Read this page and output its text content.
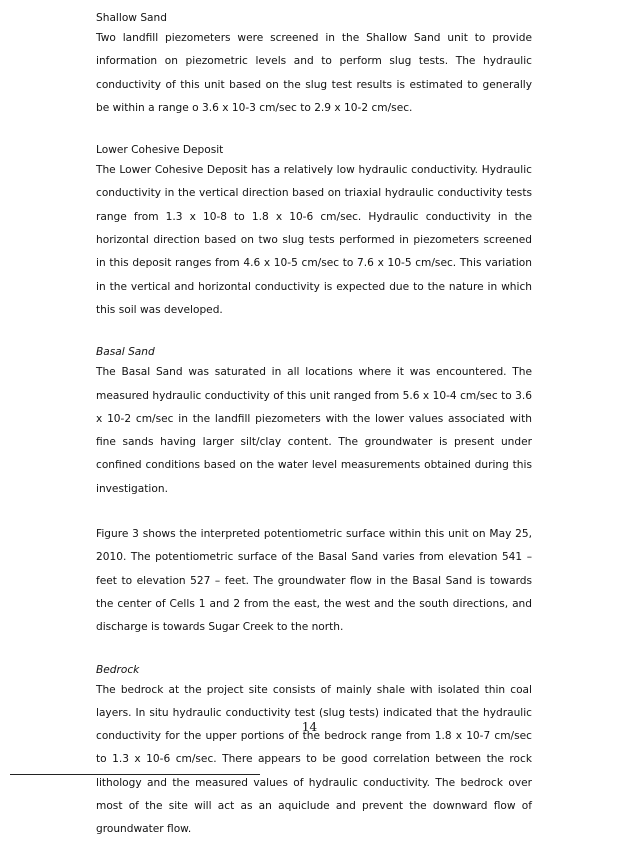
Shallow Sand

Two landfill piezometers were screened in the Shallow Sand unit to provide information on piezometric levels and to perform slug tests. The hydraulic conductivity of this unit based on the slug test results is estimated to generally be within a range o 3.6 x 10-3 cm/sec to 2.9 x 10-2 cm/sec.

Lower Cohesive Deposit

The Lower Cohesive Deposit has a relatively low hydraulic conductivity. Hydraulic conductivity in the vertical direction based on triaxial hydraulic conductivity tests range from 1.3 x 10-8 to 1.8 x 10-6 cm/sec. Hydraulic conductivity in the horizontal direction based on two slug tests performed in piezometers screened in this deposit ranges from 4.6 x 10-5 cm/sec to 7.6 x 10-5 cm/sec. This variation in the vertical and horizontal conductivity is expected due to the nature in which this soil was developed.

Basal Sand

The Basal Sand was saturated in all locations where it was encountered. The measured hydraulic conductivity of this unit ranged from 5.6 x 10-4 cm/sec to 3.6 x 10-2 cm/sec in the landfill piezometers with the lower values associated with fine sands having larger silt/clay content. The groundwater is present under confined conditions based on the water level measurements obtained during this investigation.

Figure 3 shows the interpreted potentiometric surface within this unit on May 25, 2010. The potentiometric surface of the Basal Sand varies from elevation 541 – feet to elevation 527 – feet. The groundwater flow in the Basal Sand is towards the center of Cells 1 and 2 from the east, the west and the south directions, and discharge is towards Sugar Creek to the north.

Bedrock

The bedrock at the project site consists of mainly shale with isolated thin coal layers. In situ hydraulic conductivity test (slug tests) indicated that the hydraulic conductivity for the upper portions of the bedrock range from 1.8 x 10-7 cm/sec to 1.3 x 10-6 cm/sec. There appears to be good correlation between the rock lithology and the measured values of hydraulic conductivity. The bedrock over most of the site will act as an aquiclude and prevent the downward flow of groundwater flow.

14
